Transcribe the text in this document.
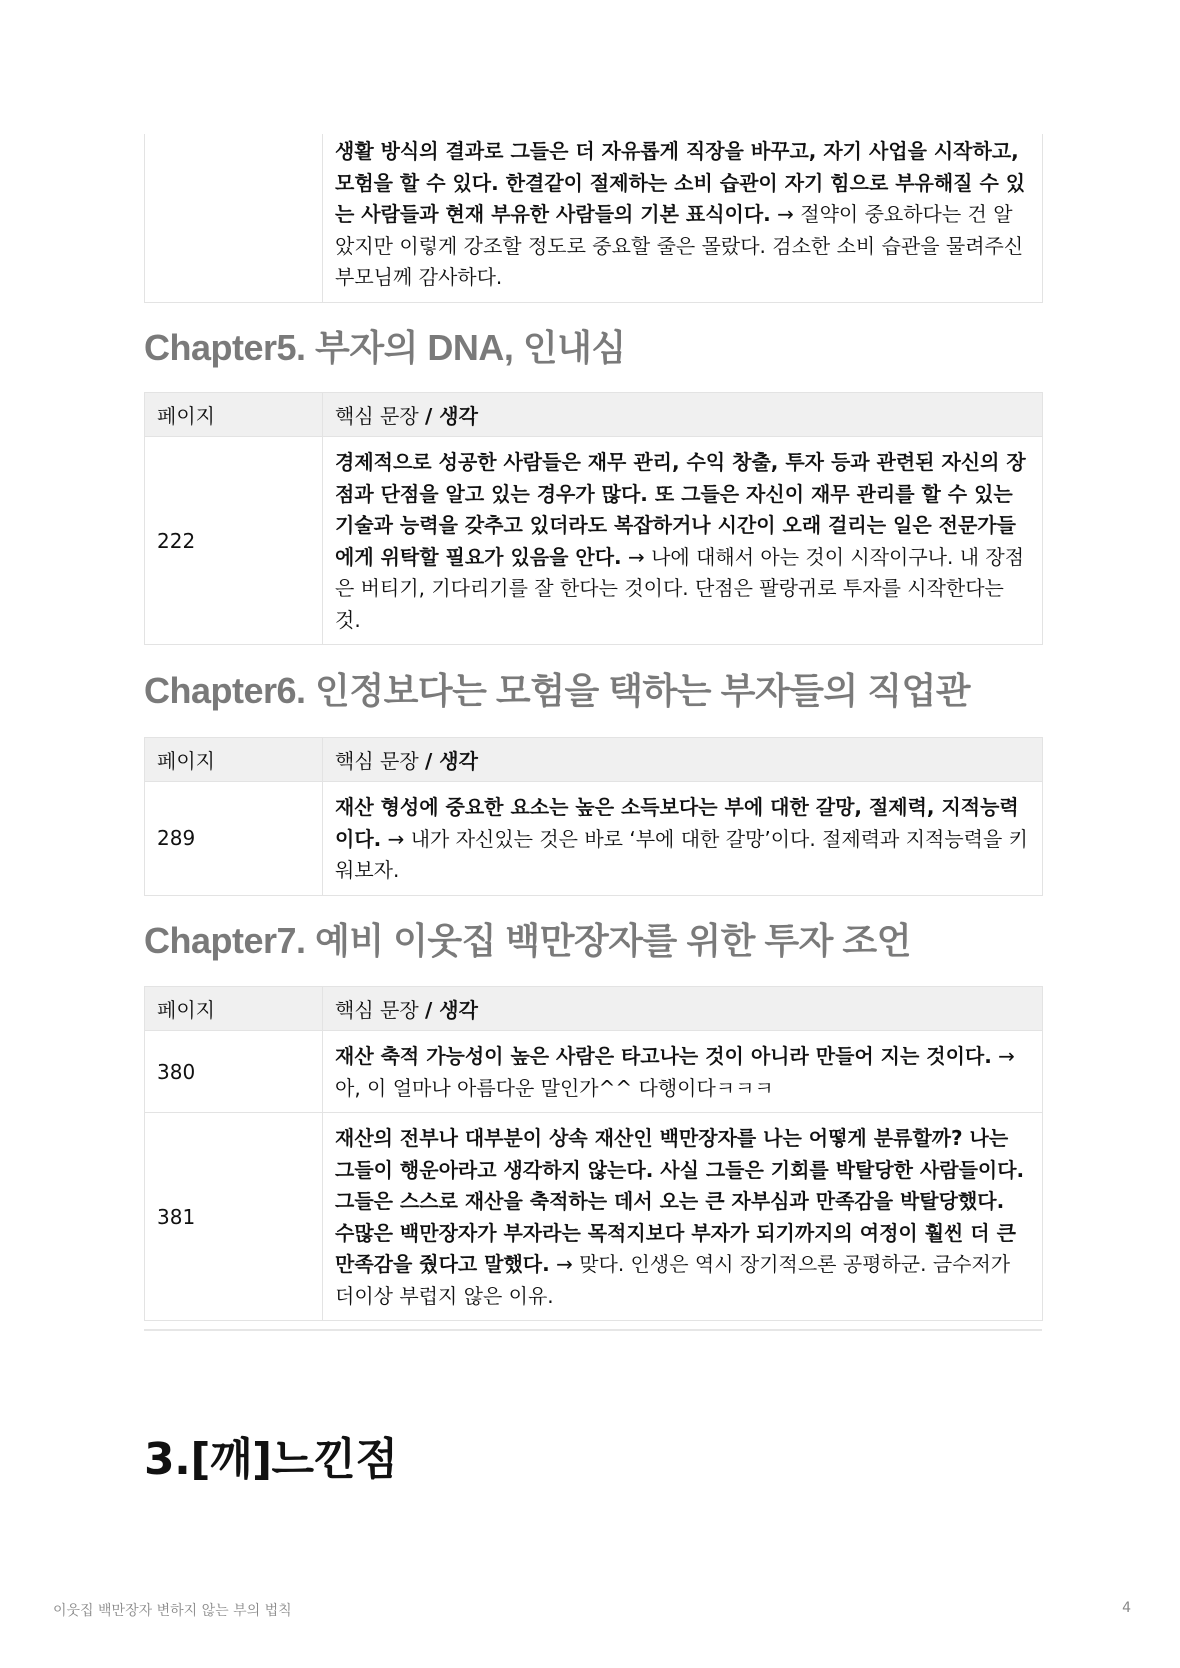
	생활 방식의 결과로 그들은 더 자유롭게 직장을 바꾸고, 자기 사업을 시작하고, 모험을 할 수 있다. 한결같이 절제하는 소비 습관이 자기 힘으로 부유해질 수 있는 사람들과 현재 부유한 사람들의 기본 표식이다. → 절약이 중요하다는 건 알았지만 이렇게 강조할 정도로 중요할 줄은 몰랐다. 검소한 소비 습관을 물려주신 부모님께 감사하다.
Chapter5. 부자의 DNA, 인내심
페이지	핵심 문장 / 생각
222	경제적으로 성공한 사람들은 재무 관리, 수익 창출, 투자 등과 관련된 자신의 장점과 단점을 알고 있는 경우가 많다. 또 그들은 자신이 재무 관리를 할 수 있는 기술과 능력을 갖추고 있더라도 복잡하거나 시간이 오래 걸리는 일은 전문가들에게 위탁할 필요가 있음을 안다. → 나에 대해서 아는 것이 시작이구나. 내 장점은 버티기, 기다리기를 잘 한다는 것이다. 단점은 팔랑귀로 투자를 시작한다는 것.
Chapter6. 인정보다는 모험을 택하는 부자들의 직업관
페이지	핵심 문장 / 생각
289	재산 형성에 중요한 요소는 높은 소득보다는 부에 대한 갈망, 절제력, 지적능력이다. → 내가 자신있는 것은 바로 ‘부에 대한 갈망’이다. 절제력과 지적능력을 키워보자.
Chapter7. 예비 이웃집 백만장자를 위한 투자 조언
페이지	핵심 문장 / 생각
380	재산 축적 가능성이 높은 사람은 타고나는 것이 아니라 만들어 지는 것이다. → 아, 이 얼마나 아름다운 말인가^^ 다행이다ㅋㅋㅋ
381	재산의 전부나 대부분이 상속 재산인 백만장자를 나는 어떻게 분류할까? 나는 그들이 행운아라고 생각하지 않는다. 사실 그들은 기회를 박탈당한 사람들이다. 그들은 스스로 재산을 축적하는 데서 오는 큰 자부심과 만족감을 박탈당했다. 수많은 백만장자가 부자라는 목적지보다 부자가 되기까지의 여정이 훨씬 더 큰 만족감을 줬다고 말했다. → 맞다. 인생은 역시 장기적으론 공평하군. 금수저가 더이상 부럽지 않은 이유.
3.[깨]느낀점
이웃집 백만장자 변하지 않는 부의 법칙	4
